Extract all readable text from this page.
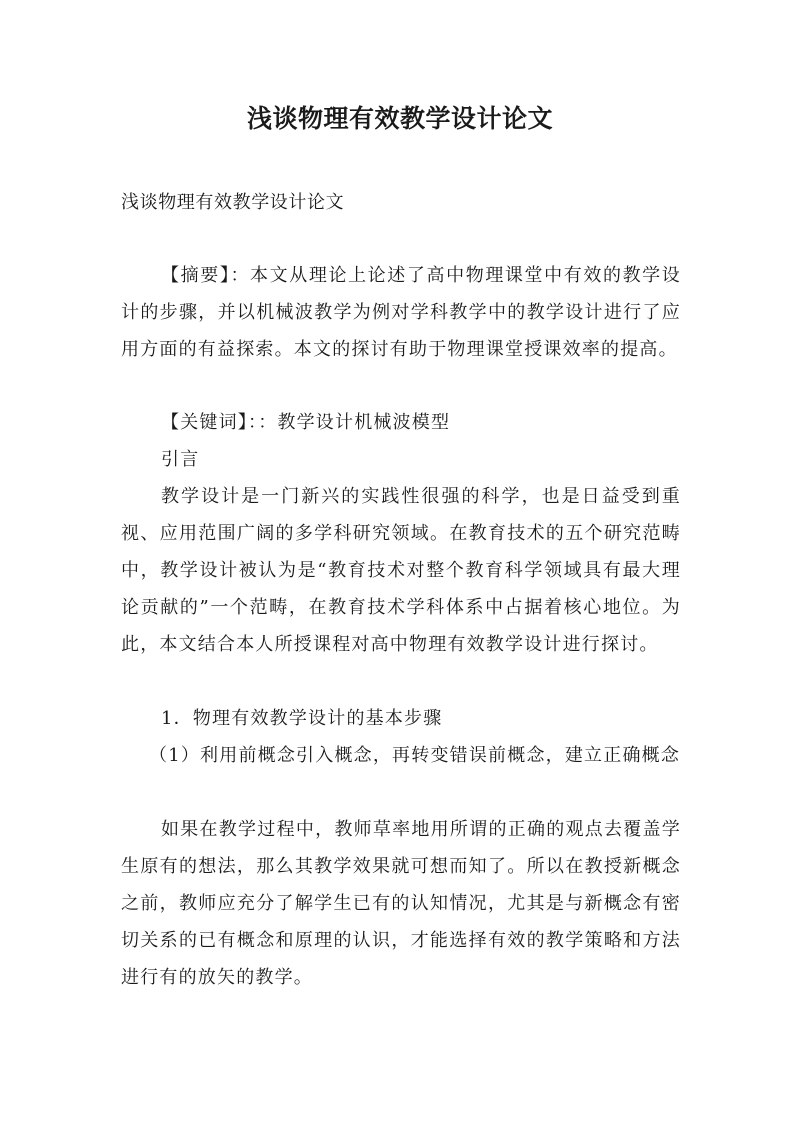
浅谈物理有效教学设计论文
浅谈物理有效教学设计论文
【摘要】：本文从理论上论述了高中物理课堂中有效的教学设计的步骤，并以机械波教学为例对学科教学中的教学设计进行了应用方面的有益探索。本文的探讨有助于物理课堂授课效率的提高。
【关键词】：：教学设计机械波模型
引言
教学设计是一门新兴的实践性很强的科学，也是日益受到重视、应用范围广阔的多学科研究领域。在教育技术的五个研究范畴中，教学设计被认为是“教育技术对整个教育科学领域具有最大理论贡献的”一个范畴，在教育技术学科体系中占据着核心地位。为此，本文结合本人所授课程对高中物理有效教学设计进行探讨。
1．物理有效教学设计的基本步骤
（1）利用前概念引入概念，再转变错误前概念，建立正确概念
如果在教学过程中，教师草率地用所谓的正确的观点去覆盖学生原有的想法，那么其教学效果就可想而知了。所以在教授新概念之前，教师应充分了解学生已有的认知情况，尤其是与新概念有密切关系的已有概念和原理的认识，才能选择有效的教学策略和方法进行有的放矢的教学。
